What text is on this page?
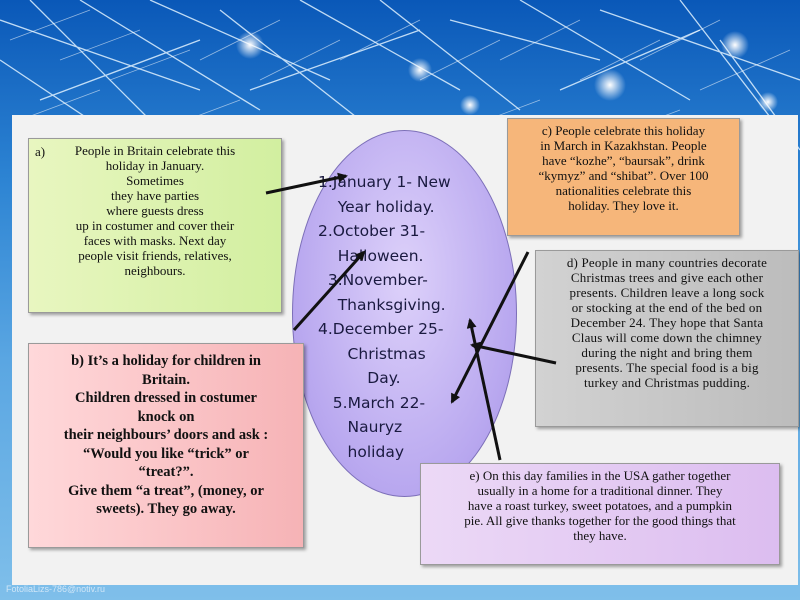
1.January 1- New
Year holiday.
2.October 31-
Halloween.
3.November-
Thanksgiving.
4.December 25-
Christmas
Day.
5.March 22-
Nauryz
holiday
a)	People in Britain celebrate this
holiday in January.
Sometimes
they have parties
where guests dress
up in costumer and cover their
faces with masks. Next day
people visit friends, relatives,
neighbours.
b) It’s a holiday for children in
Britain.
Children dressed in costumer
knock on
their neighbours’ doors and ask :
“Would you like “trick” or
“treat?”.
Give them “a treat”, (money, or
sweets). They go away.
c) People celebrate this holiday
in March in Kazakhstan. People
have “kozhe”, “baursak”, drink
“kymyz” and “shibat”. Over 100
nationalities celebrate this
holiday. They love it.
d) People in many countries decorate
Christmas trees and give each other
presents. Children leave a long sock
or stocking at the end of the bed on
December 24. They hope that Santa
Claus will come down the chimney
during the night and bring them
presents. The special food is a big
turkey and Christmas pudding.
e) On this day families in the USA gather together
usually in a home for a traditional dinner. They
have a roast turkey, sweet potatoes, and a pumpkin
pie. All give thanks together for the good things that
they have.
FotoliaLizs-786@notiv.ru
